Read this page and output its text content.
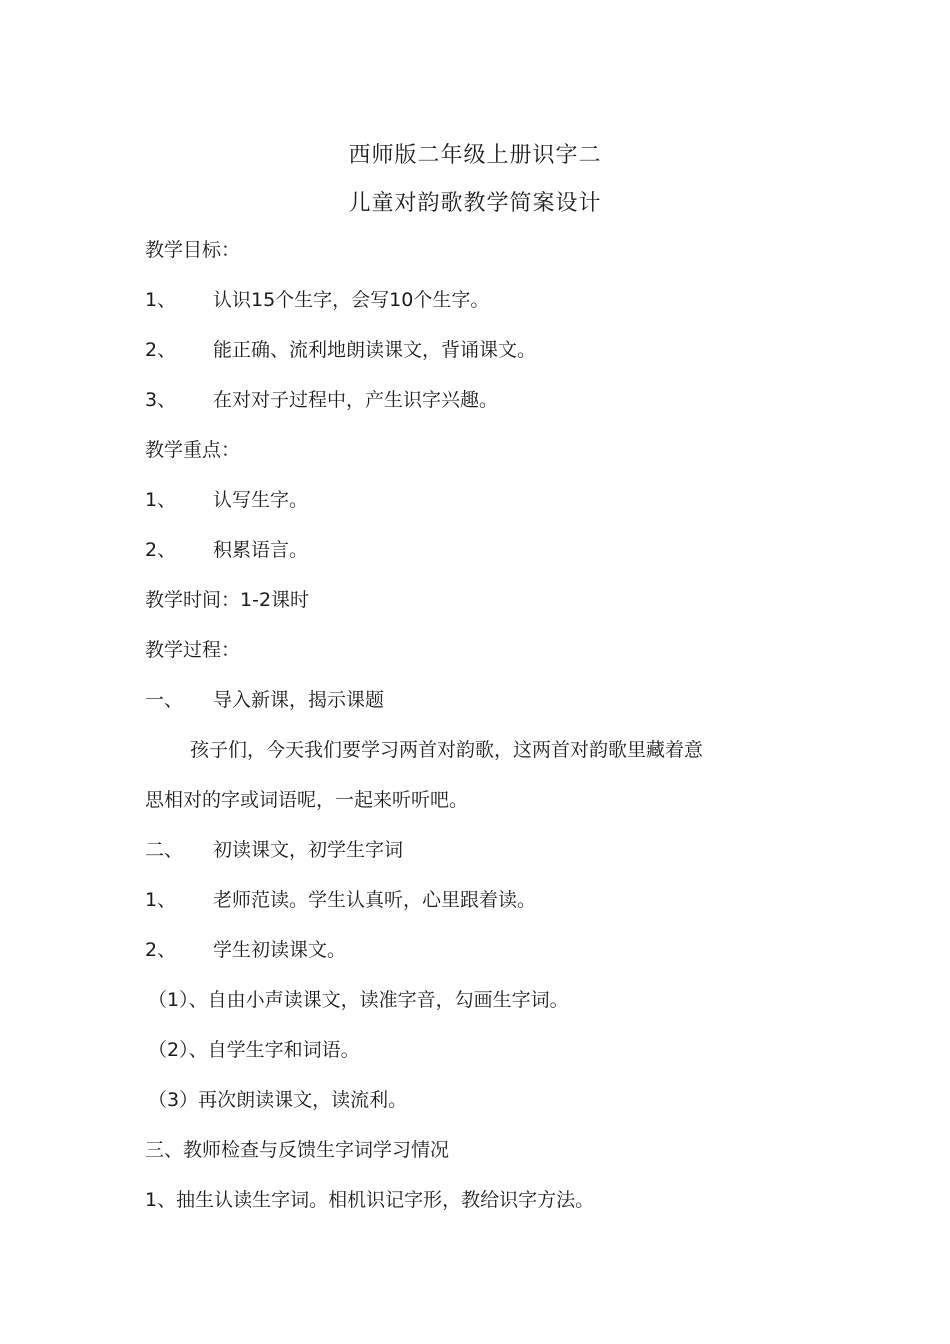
西师版二年级上册识字二
儿童对韵歌教学简案设计
教学目标：
1、 认识15个生字，会写10个生字。
2、 能正确、流利地朗读课文，背诵课文。
3、 在对对子过程中，产生识字兴趣。
教学重点：
1、 认写生字。
2、 积累语言。
教学时间：1-2课时
教学过程：
一、 导入新课，揭示课题
孩子们，今天我们要学习两首对韵歌，这两首对韵歌里藏着意
思相对的字或词语呢，一起来听听吧。
二、 初读课文，初学生字词
1、 老师范读。学生认真听，心里跟着读。
2、 学生初读课文。
（1）、自由小声读课文，读准字音，勾画生字词。
（2）、自学生字和词语。
（3）再次朗读课文，读流利。
三、教师检查与反馈生字词学习情况
1、抽生认读生字词。相机识记字形，教给识字方法。
